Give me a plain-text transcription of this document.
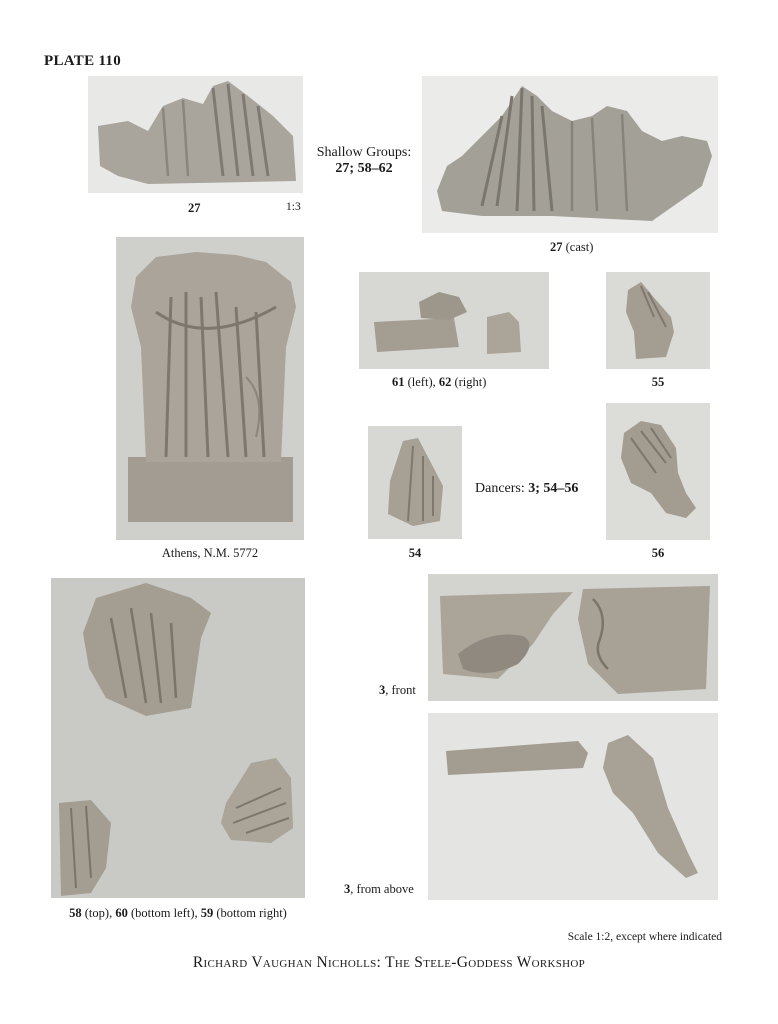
PLATE 110
27	1:3
Shallow Groups:
27; 58–62
27 (cast)
Athens, N.M. 5772
61 (left), 62 (right)	55
54
Dancers: 3; 54–56
56
58 (top), 60 (bottom left), 59 (bottom right)
3, front
3, from above
Scale 1:2, except where indicated
Richard Vaughan Nicholls: The Stele-Goddess Workshop
